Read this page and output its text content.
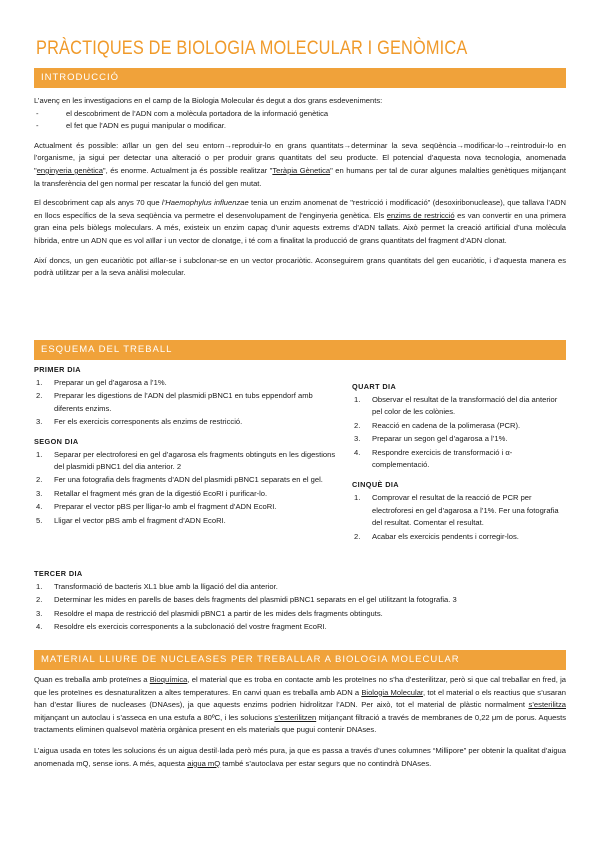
PRÀCTIQUES DE BIOLOGIA MOLECULAR I GENÒMICA
INTRODUCCIÓ

L’avenç en les investigacions en el camp de la Biologia Molecular és degut a dos grans esdeveniments:

- el descobriment de l’ADN com a molècula portadora de la informació genètica
- el fet que l’ADN es pugui manipular o modificar.

Actualment és possible: aïllar un gen del seu entorn→reproduir-lo en grans quantitats→determinar la seva seqüència→modificar-lo→reintroduir-lo en l’organisme, ja sigui per detectar una alteració o per produir grans quantitats del seu producte. El potencial d’aquesta nova tecnologia, anomenada "enginyeria genètica", és enorme. Actualment ja és possible realitzar "Teràpia Gènetica" en humans per tal de curar algunes malalties genètiques mitjançant la transferència del gen normal per rescatar la funció del gen mutat.

El descobriment cap als anys 70 que l’Haemophylus influenzae tenia un enzim anomenat de "restricció i modificació" (desoxiribonuclease), que tallava l’ADN en llocs específics de la seva seqüència va permetre el desenvolupament de l’enginyeria genètica. Els enzims de restricció es van convertir en una primera gran eina pels biòlegs moleculars. A més, existeix un enzim capaç d’unir aquests extrems d’ADN tallats. Això permet la creació artificial d’una molècula híbrida, entre un ADN que es vol aïllar i un vector de clonatge, i té com a finalitat la producció de grans quantitats del fragment d’ADN clonat.

Així doncs, un gen eucariòtic pot aïllar-se i subclonar-se en un vector procariòtic. Aconseguirem grans quantitats del gen eucariòtic, i d’aquesta manera es podrà utilitzar per a la seva anàlisi molecular.

ESQUEMA DEL TREBALL
PRIMER DIA
1. Preparar un gel d’agarosa a l’1%.
2. Preparar les digestions de l’ADN del plasmidi pBNC1 en tubs eppendorf amb diferents enzims.
3. Fer els exercicis corresponents als enzims de restricció.
SEGON DIA
1. Separar per electroforesi en gel d’agarosa els fragments obtinguts en les digestions del plasmidi pBNC1 del dia anterior. 2
2. Fer una fotografia dels fragments d’ADN del plasmidi pBNC1 separats en el gel.
3. Retallar el fragment més gran de la digestió EcoRI i purificar-lo.
4. Preparar el vector pBS per lligar-lo amb el fragment d’ADN EcoRI.
5. Lligar el vector pBS amb el fragment d’ADN EcoRI.
QUART DIA
1. Observar el resultat de la transformació del dia anterior pel color de les colònies.
2. Reacció en cadena de la polimerasa (PCR).
3. Preparar un segon gel d’agarosa a l’1%.
4. Respondre exercicis de transformació i α-complementació.
CINQUÈ DIA
1. Comprovar el resultat de la reacció de PCR per electroforesi en gel d’agarosa a l’1%. Fer una fotografia del resultat. Comentar el resultat.
2. Acabar els exercicis pendents i corregir-los.
TERCER DIA
1. Transformació de bacteris XL1 blue amb la lligació del dia anterior.
2. Determinar les mides en parells de bases dels fragments del plasmidi pBNC1 separats en el gel utilitzant la fotografia. 3
3. Resoldre el mapa de restricció del plasmidi pBNC1 a partir de les mides dels fragments obtinguts.
4. Resoldre els exercicis corresponents a la subclonació del vostre fragment EcoRI.
MATERIAL LLIURE DE NUCLEASES PER TREBALLAR A BIOLOGIA MOLECULAR

Quan es treballa amb proteïnes a Bioquímica, el material que es troba en contacte amb les proteïnes no s’ha d’esterilitzar, però si que cal treballar en fred, ja que les proteïnes es desnaturalitzen a altes temperatures. En canvi quan es treballa amb ADN a Biologia Molecular, tot el material o els reactius que s’usaran han d’estar lliures de nucleases (DNAses), ja que aquests enzims podrien hidrolitzar l’ADN. Per això, tot el material de plàstic normalment s’esterilitza mitjançant un autoclau i s’asseca en una estufa a 80ºC, i les solucions s’esterilitzen mitjançant filtració a través de membranes de 0,22 μm de porus. Aquests tractaments eliminen qualsevol matèria orgànica present en els materials que pugui contenir DNAses.

L’aigua usada en totes les solucions és un aigua destil·lada però més pura, ja que es passa a través d’unes columnes “Millipore” per obtenir la qualitat d’aigua anomenada mQ, sense ions. A més, aquesta aigua mQ també s’autoclava per estar segurs que no contindrà DNAses.
